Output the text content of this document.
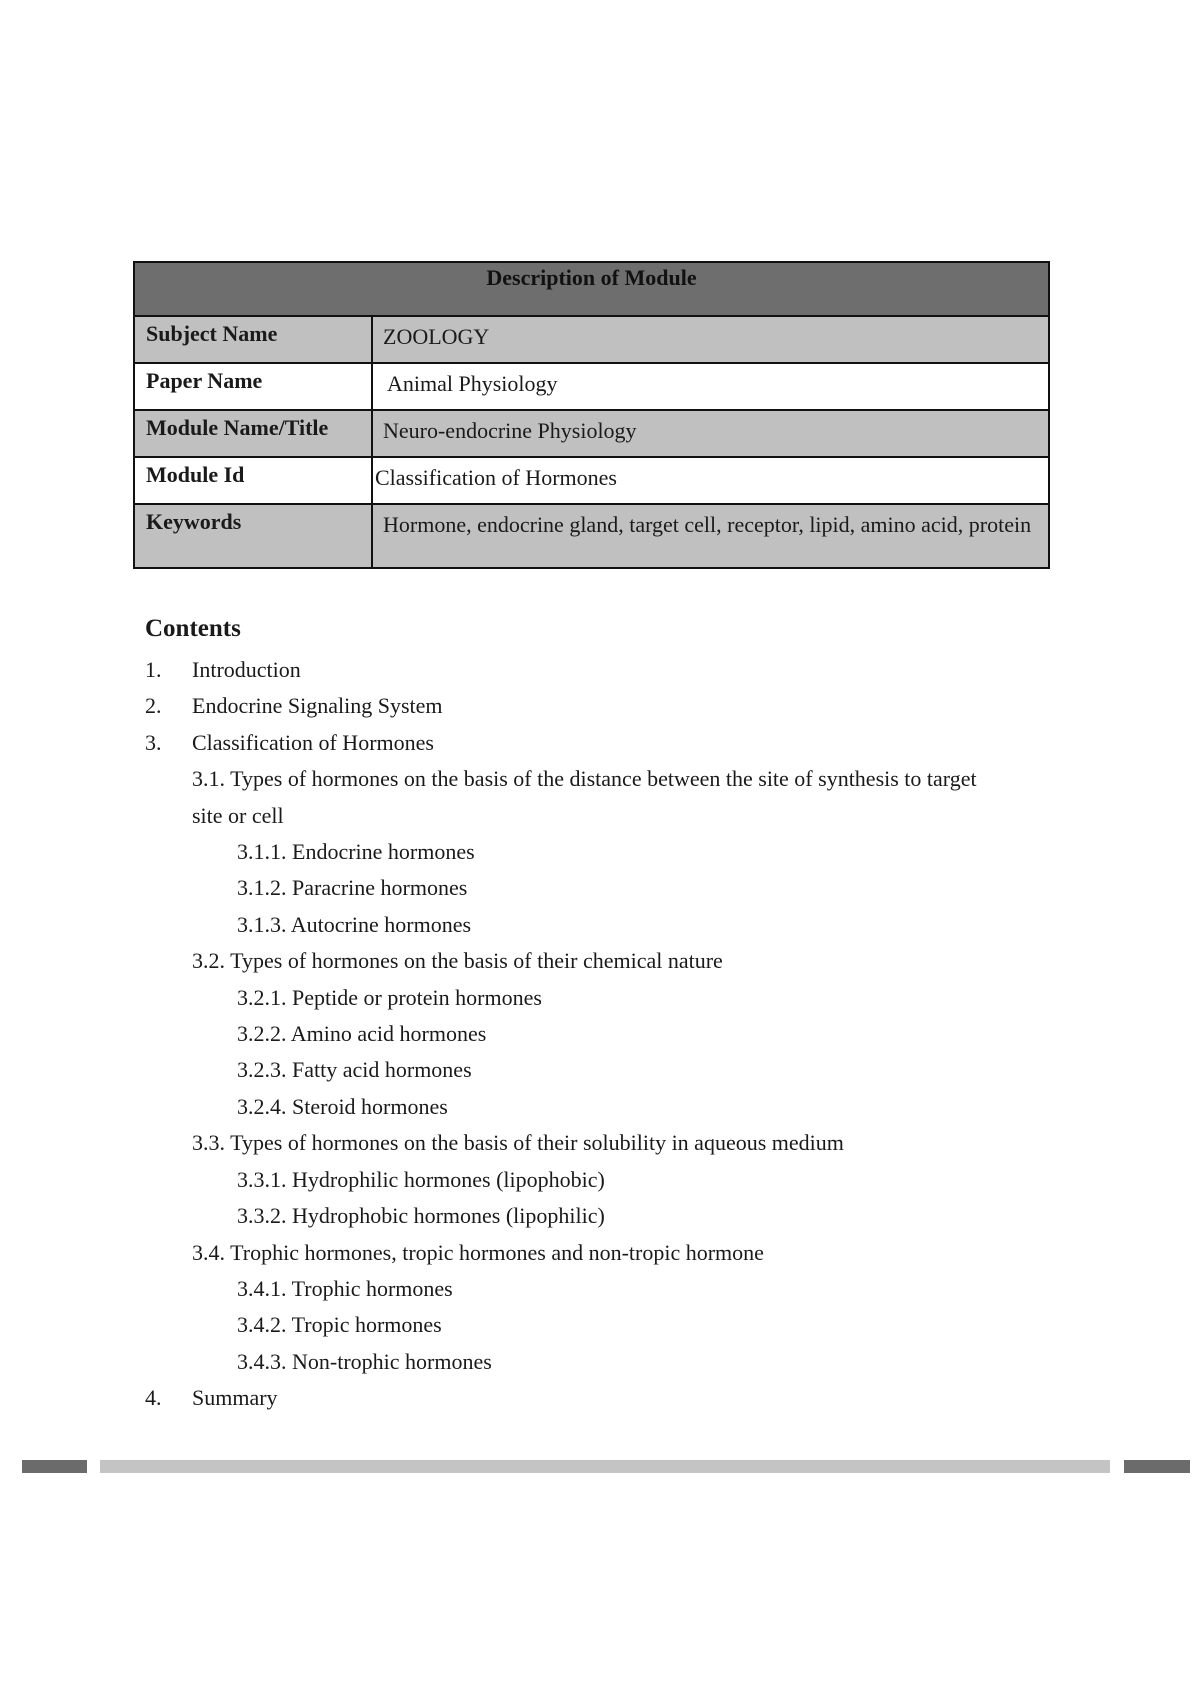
Description of Module	
Subject Name	ZOOLOGY
Paper Name	Animal Physiology
Module Name/Title	Neuro-endocrine Physiology
Module Id	Classification of Hormones
Keywords	Hormone, endocrine gland, target cell, receptor, lipid, amino acid, protein
Contents
1.	Introduction
2.	Endocrine Signaling System
3.	Classification of Hormones
3.1. Types of hormones on the basis of the distance between the site of synthesis to target site or cell
3.1.1. Endocrine hormones
3.1.2. Paracrine hormones
3.1.3. Autocrine hormones
3.2. Types of hormones on the basis of their chemical nature
3.2.1. Peptide or protein hormones
3.2.2. Amino acid hormones
3.2.3. Fatty acid hormones
3.2.4. Steroid hormones
3.3. Types of hormones on the basis of their solubility in aqueous medium
3.3.1. Hydrophilic hormones (lipophobic)
3.3.2. Hydrophobic hormones (lipophilic)
3.4. Trophic hormones, tropic hormones and non-tropic hormone
3.4.1. Trophic hormones
3.4.2. Tropic hormones
3.4.3. Non-trophic hormones
4.	Summary
